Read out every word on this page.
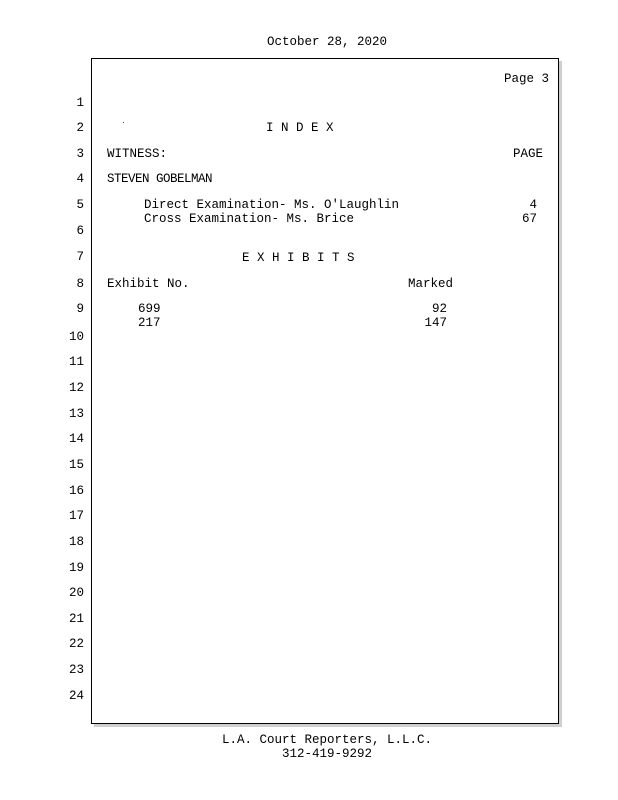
October 28, 2020
Page 3
1
2
3
4
5
6
7
8
9
10
11
12
13
14
15
16
17
18
19
20
21
22
23
24
I N D E X
WITNESS:	PAGE
STEVEN GOBELMAN
Direct Examination- Ms. O'Laughlin	4
Cross Examination- Ms. Brice	67
E X H I B I T S
Exhibit No.	Marked
699	92
217	147
L.A. Court Reporters, L.L.C.
312-419-9292
